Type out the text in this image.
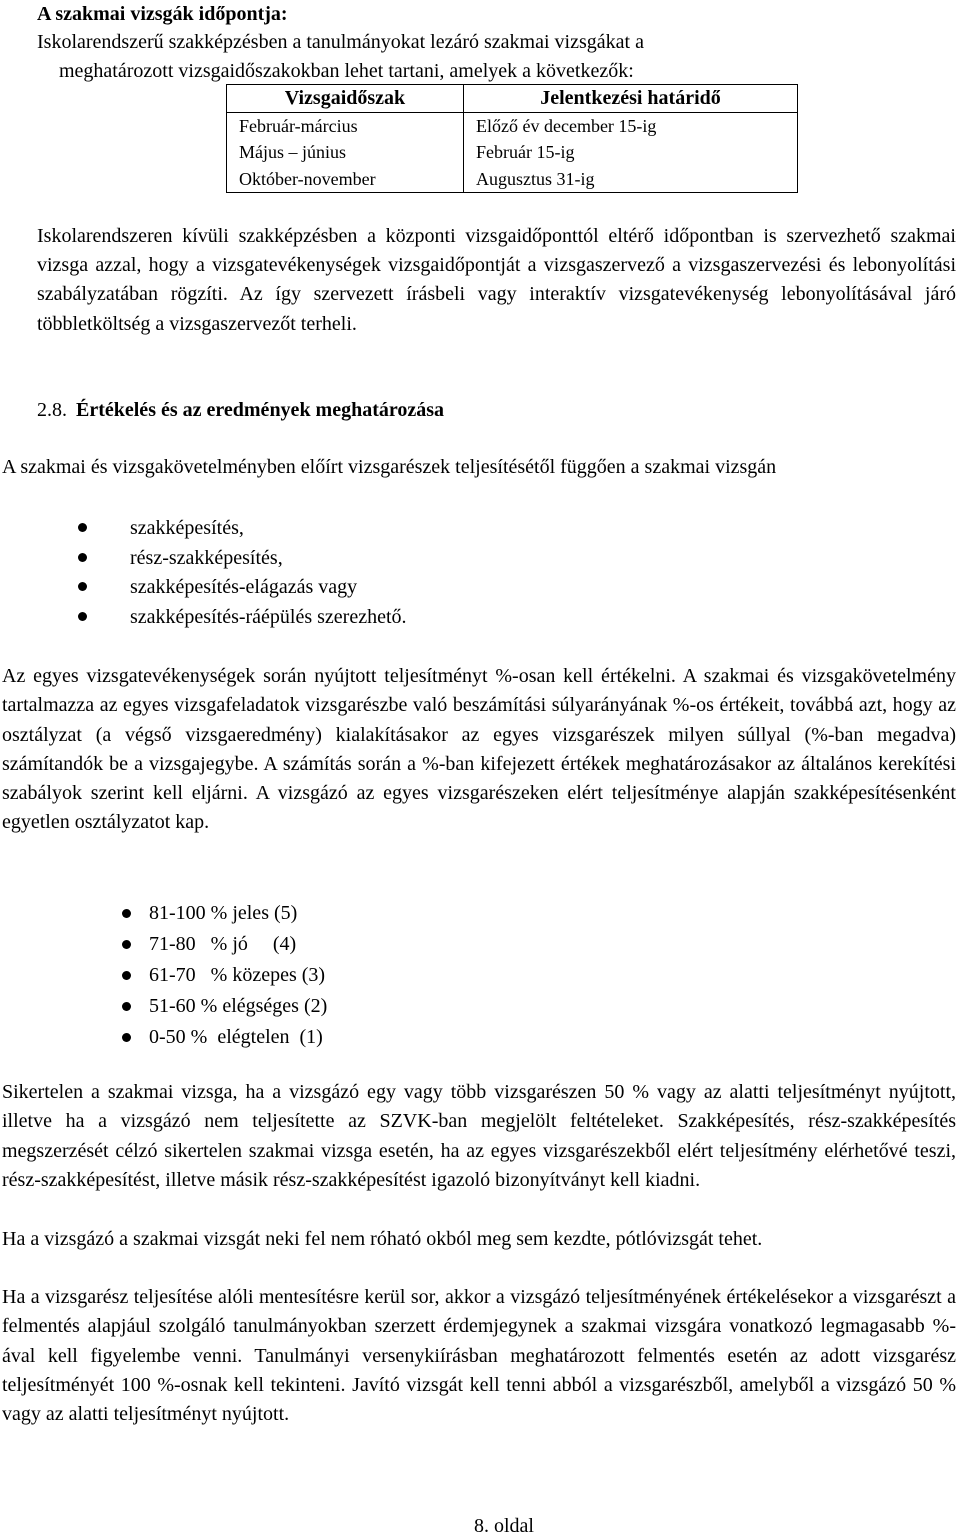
A szakmai vizsgák időpontja:

Iskolarendszerű szakképzésben a tanulmányokat lezáró szakmai vizsgákat a

meghatározott vizsgaidőszakokban lehet tartani, amelyek a következők:

Vizsgaidőszak	Jelentkezési határidő
Február-március	Előző év december 15-ig
Május – június	Február 15-ig
Október-november	Augusztus 31-ig

Iskolarendszeren kívüli szakképzésben a központi vizsgaidőponttól eltérő időpontban is szervezhető szakmai vizsga azzal, hogy a vizsgatevékenységek vizsgaidőpontját a vizsgaszervező a vizsgaszervezési és lebonyolítási szabályzatában rögzíti. Az így szervezett írásbeli vagy interaktív vizsgatevékenység lebonyolításával járó többletköltség a vizsgaszervezőt terheli.

2.8. Értékelés és az eredmények meghatározása

A szakmai és vizsgakövetelményben előírt vizsgarészek teljesítésétől függően a szakmai vizsgán

szakképesítés,
rész-szakképesítés,
szakképesítés-elágazás vagy
szakképesítés-ráépülés szerezhető.

Az egyes vizsgatevékenységek során nyújtott teljesítményt %-osan kell értékelni. A szakmai és vizsgakövetelmény tartalmazza az egyes vizsgafeladatok vizsgarészbe való beszámítási súlyarányának %-os értékeit, továbbá azt, hogy az osztályzat (a végső vizsgaeredmény) kialakításakor az egyes vizsgarészek milyen súllyal (%-ban megadva) számítandók be a vizsgajegybe. A számítás során a %-ban kifejezett értékek meghatározásakor az általános kerekítési szabályok szerint kell eljárni. A vizsgázó az egyes vizsgarészeken elért teljesítménye alapján szakképesítésenként egyetlen osztályzatot kap.

81-100 % jeles (5)
71-80   % jó     (4)
61-70   % közepes (3)
51-60 % elégséges (2)
0-50 %  elégtelen  (1)

Sikertelen a szakmai vizsga, ha a vizsgázó egy vagy több vizsgarészen 50 % vagy az alatti teljesítményt nyújtott, illetve ha a vizsgázó nem teljesítette az SZVK-ban megjelölt feltételeket. Szakképesítés, rész-szakképesítés megszerzését célzó sikertelen szakmai vizsga esetén, ha az egyes vizsgarészekből elért teljesítmény elérhetővé teszi, rész-szakképesítést, illetve másik rész-szakképesítést igazoló bizonyítványt kell kiadni.

Ha a vizsgázó a szakmai vizsgát neki fel nem róható okból meg sem kezdte, pótlóvizsgát tehet.

Ha a vizsgarész teljesítése alóli mentesítésre kerül sor, akkor a vizsgázó teljesítményének értékelésekor a vizsgarészt a felmentés alapjául szolgáló tanulmányokban szerzett érdemjegynek a szakmai vizsgára vonatkozó legmagasabb %-ával kell figyelembe venni. Tanulmányi versenykiírásban meghatározott felmentés esetén az adott vizsgarész teljesítményét 100 %-osnak kell tekinteni. Javító vizsgát kell tenni abból a vizsgarészből, amelyből a vizsgázó 50 % vagy az alatti teljesítményt nyújtott.

8. oldal
